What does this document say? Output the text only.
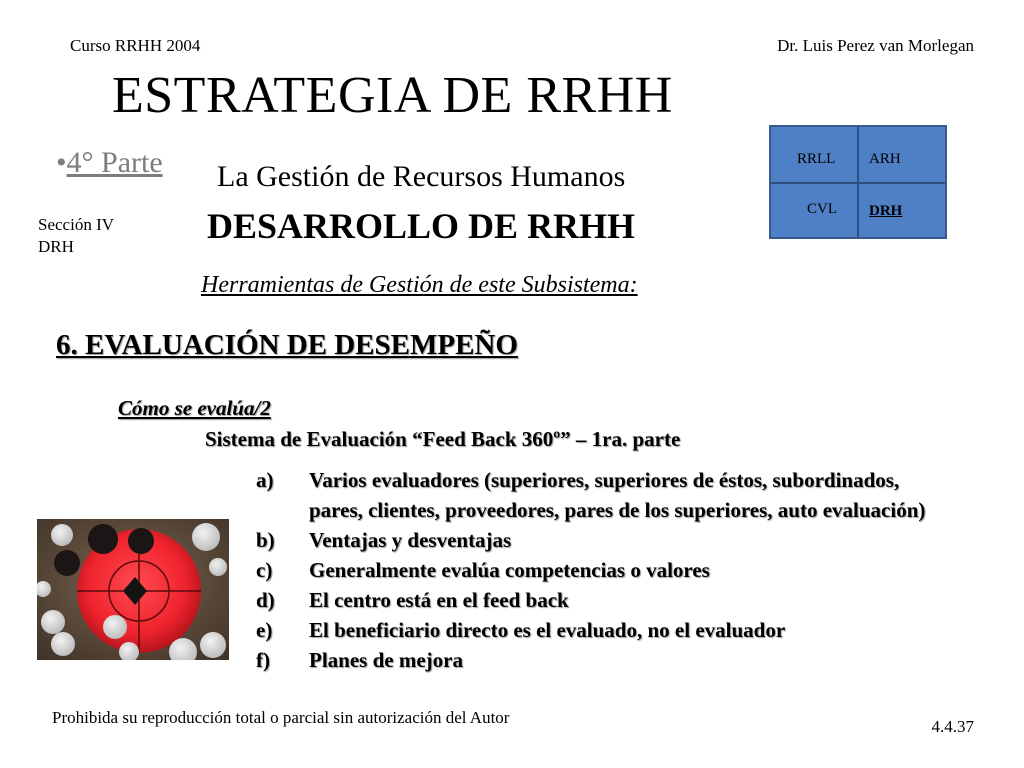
Curso RRHH 2004	Dr. Luis Perez van Morlegan
ESTRATEGIA DE RRHH
•4° Parte La Gestión de Recursos Humanos
Sección IV
DRH
DESARROLLO DE RRHH
Herramientas de Gestión de este Subsistema:
6. EVALUACIÓN DE DESEMPEÑO
Cómo se evalúa/2
Sistema de Evaluación “Feed Back 360º” – 1ra. parte
a)	Varios evaluadores (superiores, superiores de éstos, subordinados, pares, clientes, proveedores, pares de los superiores, auto evaluación)
b)	Ventajas y desventajas
c)	Generalmente evalúa competencias o valores
d)	El centro está en el feed back
e)	El beneficiario directo es el evaluado, no el evaluador
f)	Planes de mejora
RRLL ARH
CVL DRH
Prohibida su reproducción total o parcial sin autorización del Autor	4.4.37
